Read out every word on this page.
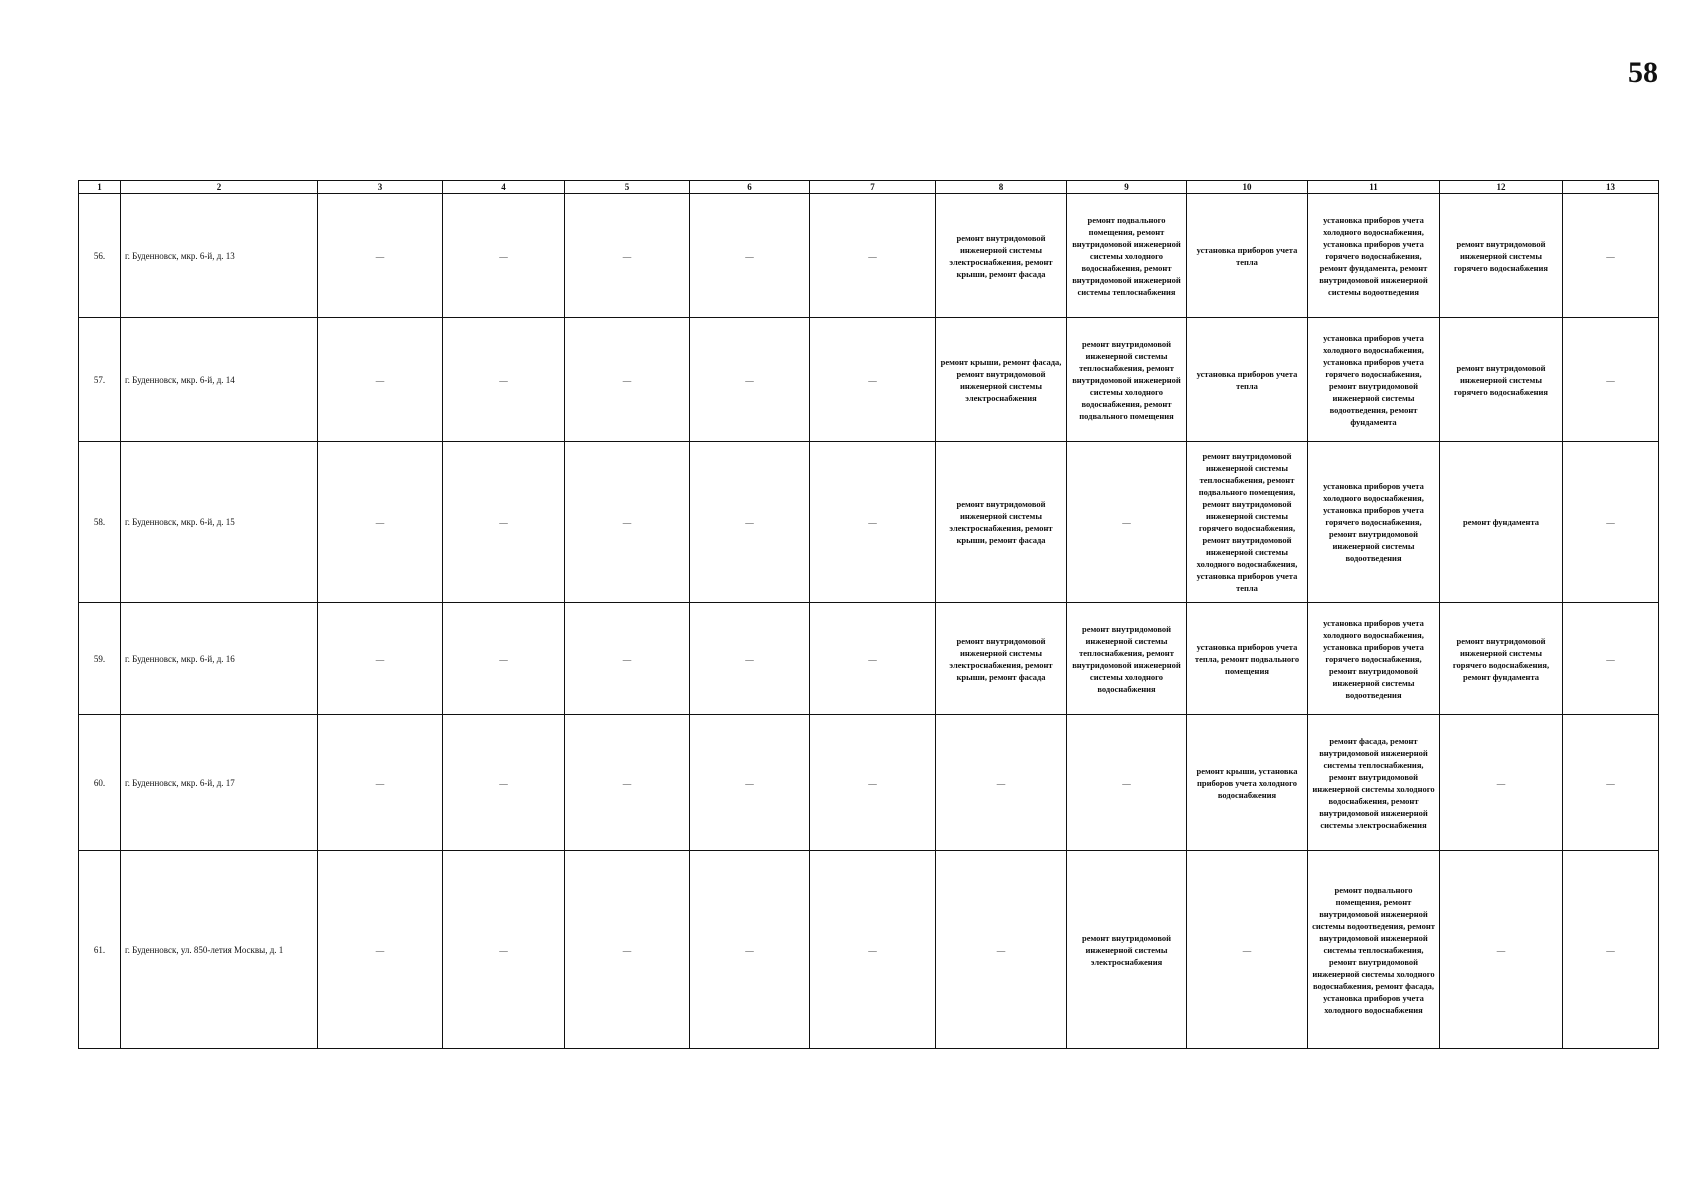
58
1	2	3	4	5	6	7	8	9	10	11	12	13
56.	г. Буденновск, мкр. 6-й, д. 13	—	—	—	—	—	ремонт внутридомовой инженерной системы электроснабжения, ремонт крыши, ремонт фасада	ремонт подвального помещения, ремонт внутридомовой инженерной системы холодного водоснабжения, ремонт внутридомовой инженерной системы теплоснабжения	установка приборов учета тепла	установка приборов учета холодного водоснабжения, установка приборов учета горячего водоснабжения, ремонт фундамента, ремонт внутридомовой инженерной системы водоотведения	ремонт внутридомовой инженерной системы горячего водоснабжения	—
57.	г. Буденновск, мкр. 6-й, д. 14	—	—	—	—	—	ремонт крыши, ремонт фасада, ремонт внутридомовой инженерной системы электроснабжения	ремонт внутридомовой инженерной системы теплоснабжения, ремонт внутридомовой инженерной системы холодного водоснабжения, ремонт подвального помещения	установка приборов учета тепла	установка приборов учета холодного водоснабжения, установка приборов учета горячего водоснабжения, ремонт внутридомовой инженерной системы водоотведения, ремонт фундамента	ремонт внутридомовой инженерной системы горячего водоснабжения	—
58.	г. Буденновск, мкр. 6-й, д. 15	—	—	—	—	—	ремонт внутридомовой инженерной системы электроснабжения, ремонт крыши, ремонт фасада	—	ремонт внутридомовой инженерной системы теплоснабжения, ремонт подвального помещения, ремонт внутридомовой инженерной системы горячего водоснабжения, ремонт внутридомовой инженерной системы холодного водоснабжения, установка приборов учета тепла	установка приборов учета холодного водоснабжения, установка приборов учета горячего водоснабжения, ремонт внутридомовой инженерной системы водоотведения	ремонт фундамента	—
59.	г. Буденновск, мкр. 6-й, д. 16	—	—	—	—	—	ремонт внутридомовой инженерной системы электроснабжения, ремонт крыши, ремонт фасада	ремонт внутридомовой инженерной системы теплоснабжения, ремонт внутридомовой инженерной системы холодного водоснабжения	установка приборов учета тепла, ремонт подвального помещения	установка приборов учета холодного водоснабжения, установка приборов учета горячего водоснабжения, ремонт внутридомовой инженерной системы водоотведения	ремонт внутридомовой инженерной системы горячего водоснабжения, ремонт фундамента	—
60.	г. Буденновск, мкр. 6-й, д. 17	—	—	—	—	—	—	—	ремонт крыши, установка приборов учета холодного водоснабжения	ремонт фасада, ремонт внутридомовой инженерной системы теплоснабжения, ремонт внутридомовой инженерной системы холодного водоснабжения, ремонт внутридомовой инженерной системы электроснабжения	—	—
61.	г. Буденновск, ул. 850-летия Москвы, д. 1	—	—	—	—	—	—	ремонт внутридомовой инженерной системы электроснабжения	—	ремонт подвального помещения, ремонт внутридомовой инженерной системы водоотведения, ремонт внутридомовой инженерной системы теплоснабжения, ремонт внутридомовой инженерной системы холодного водоснабжения, ремонт фасада, установка приборов учета холодного водоснабжения	—	—
